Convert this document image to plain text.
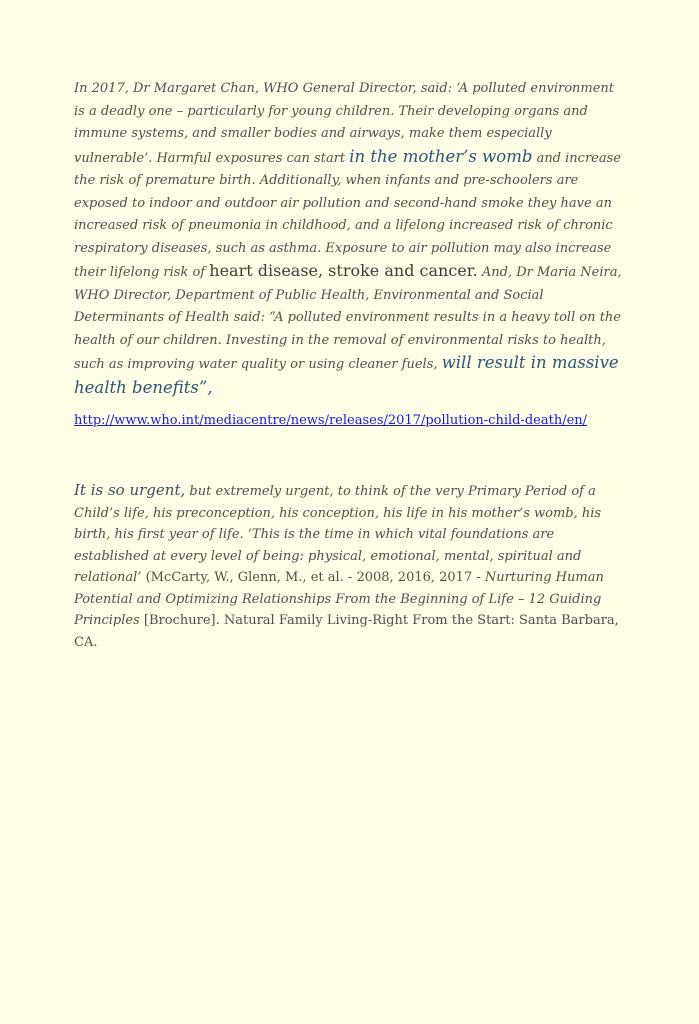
In 2017, Dr Margaret Chan, WHO General Director, said: ‘A polluted environment is a deadly one – particularly for young children. Their developing organs and immune systems, and smaller bodies and airways, make them especially vulnerable’. Harmful exposures can start in the mother’s womb and increase the risk of premature birth. Additionally, when infants and pre-schoolers are exposed to indoor and outdoor air pollution and second-hand smoke they have an increased risk of pneumonia in childhood, and a lifelong increased risk of chronic respiratory diseases, such as asthma. Exposure to air pollution may also increase their lifelong risk of heart disease, stroke and cancer. And, Dr Maria Neira, WHO Director, Department of Public Health, Environmental and Social Determinants of Health said: “A polluted environment results in a heavy toll on the health of our children. Investing in the removal of environmental risks to health, such as improving water quality or using cleaner fuels, will result in massive health benefits”,

http://www.who.int/mediacentre/news/releases/2017/pollution-child-death/en/

It is so urgent, but extremely urgent, to think of the very Primary Period of a Child’s life, his preconception, his conception, his life in his mother’s womb, his birth, his first year of life. ‘This is the time in which vital foundations are established at every level of being: physical, emotional, mental, spiritual and relational’ (McCarty, W., Glenn, M., et al. - 2008, 2016, 2017 - Nurturing Human Potential and Optimizing Relationships From the Beginning of Life – 12 Guiding Principles [Brochure]. Natural Family Living-Right From the Start: Santa Barbara, CA.
